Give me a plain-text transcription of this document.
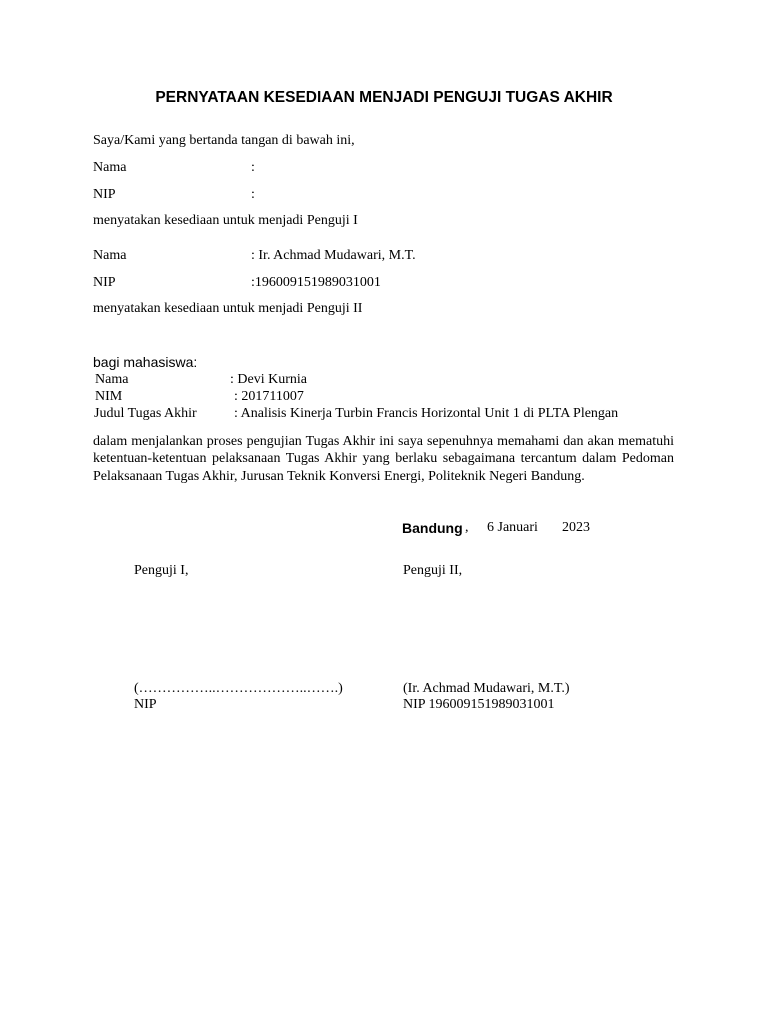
PERNYATAAN KESEDIAAN MENJADI PENGUJI TUGAS AKHIR
Saya/Kami yang bertanda tangan di bawah ini,
Nama	:
NIP	:
menyatakan kesediaan untuk menjadi Penguji I
Nama	: Ir. Achmad Mudawari, M.T.
NIP	:196009151989031001
menyatakan kesediaan untuk menjadi Penguji II
bagi mahasiswa:
Nama	: Devi Kurnia
NIM	: 201711007
Judul Tugas Akhir	: Analisis Kinerja Turbin Francis Horizontal Unit 1 di PLTA Plengan
dalam menjalankan proses pengujian Tugas Akhir ini saya sepenuhnya memahami dan akan mematuhi ketentuan-ketentuan pelaksanaan Tugas Akhir yang berlaku sebagaimana tercantum dalam Pedoman Pelaksanaan Tugas Akhir, Jurusan Teknik Konversi Energi, Politeknik Negeri Bandung.
Bandung , 6 Januari 2023
Penguji I,	Penguji II,
(……………..………………..…….)	(Ir. Achmad Mudawari, M.T.)
NIP	NIP 196009151989031001
